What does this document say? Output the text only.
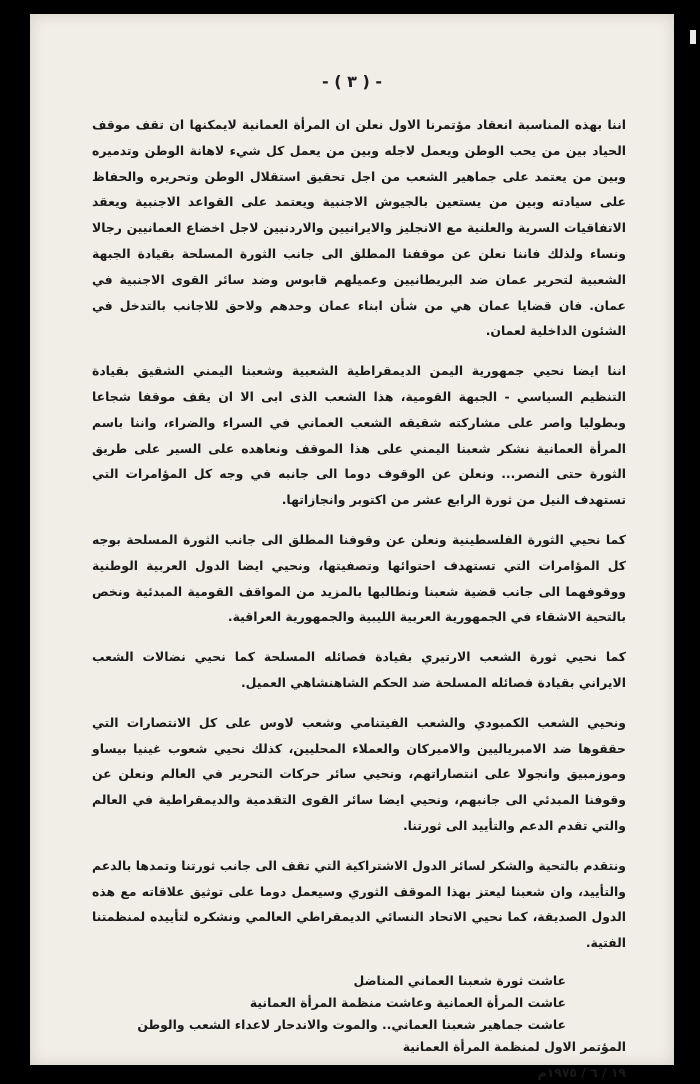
- ( ٣ ) -

اننا بهذه المناسبة انعقاد مؤتمرنا الاول نعلن ان المرأة العمانية لايمكنها ان تقف موقف الحياد بين من يحب الوطن ويعمل لاجله وبين من يعمل كل شيء لاهانة الوطن وتدميره وبين من يعتمد على جماهير الشعب من اجل تحقيق استقلال الوطن وتحريره والحفاظ على سيادته وبين من يستعين بالجيوش الاجنبية ويعتمد على القواعد الاجنبية ويعقد الاتفاقيات السرية والعلنية مع الانجليز والايرانيين والاردنيين لاجل اخضاع العمانيين رجالا ونساء ولذلك فاننا نعلن عن موقفنا المطلق الى جانب الثورة المسلحة بقيادة الجبهة الشعبية لتحرير عمان ضد البريطانيين وعميلهم قابوس وضد سائر القوى الاجنبية في عمان. فان قضايا عمان هي من شأن ابناء عمان وحدهم ولاحق للاجانب بالتدخل في الشئون الداخلية لعمان.

اننا ايضا نحيي جمهورية اليمن الديمقراطية الشعبية وشعبنا اليمني الشقيق بقيادة التنظيم السياسي - الجبهة القومية، هذا الشعب الذى ابى الا ان يقف موقفا شجاعا وبطوليا واصر على مشاركته شقيقه الشعب العماني في السراء والضراء، واننا باسم المرأة العمانية نشكر شعبنا اليمني على هذا الموقف ونعاهده على السير على طريق الثورة حتى النصر... ونعلن عن الوقوف دوما الى جانبه في وجه كل المؤامرات التي تستهدف النيل من ثورة الرابع عشر من اكتوبر وانجازاتها.

كما نحيي الثورة الفلسطينية ونعلن عن وقوفنا المطلق الى جانب الثورة المسلحة بوجه كل المؤامرات التي تستهدف احتوائها وتصفيتها، ونحيي ايضا الدول العربية الوطنية ووقوفهما الى جانب قضية شعبنا ونطالبها بالمزيد من المواقف القومية المبدئية ونخص بالتحية الاشقاء في الجمهورية العربية الليبية والجمهورية العراقية.

كما نحيي ثورة الشعب الارتيري بقيادة فصائله المسلحة كما نحيي نضالات الشعب الايراني بقيادة فصائله المسلحة ضد الحكم الشاهنشاهي العميل.

ونحيي الشعب الكمبودي والشعب الفيتنامي وشعب لاوس على كل الانتصارات التي حققوها ضد الامبرياليين والاميركان والعملاء المحليين، كذلك نحيي شعوب غينيا بيساو وموزمبيق وانجولا على انتصاراتهم، ونحيي سائر حركات التحرير في العالم ونعلن عن وقوفنا المبدئي الى جانبهم، ونحيي ايضا سائر القوى التقدمية والديمقراطية في العالم والتي تقدم الدعم والتأييد الى ثورتنا.

ونتقدم بالتحية والشكر لسائر الدول الاشتراكية التي تقف الى جانب ثورتنا وتمدها بالدعم والتأييد، وان شعبنا ليعتز بهذا الموقف الثوري وسيعمل دوما على توثيق علاقاته مع هذه الدول الصديقة، كما نحيي الاتحاد النسائي الديمقراطي العالمي ونشكره لتأييده لمنظمتنا الفتية.

عاشت ثورة شعبنا العماني المناضل
عاشت المرأة العمانية وعاشت منظمة المرأة العمانية
عاشت جماهير شعبنا العماني.. والموت والاندحار لاعداء الشعب والوطن
المؤتمر الاول لمنظمة المرأة العمانية
١٩ / ٦ / ١٩٧٥م
